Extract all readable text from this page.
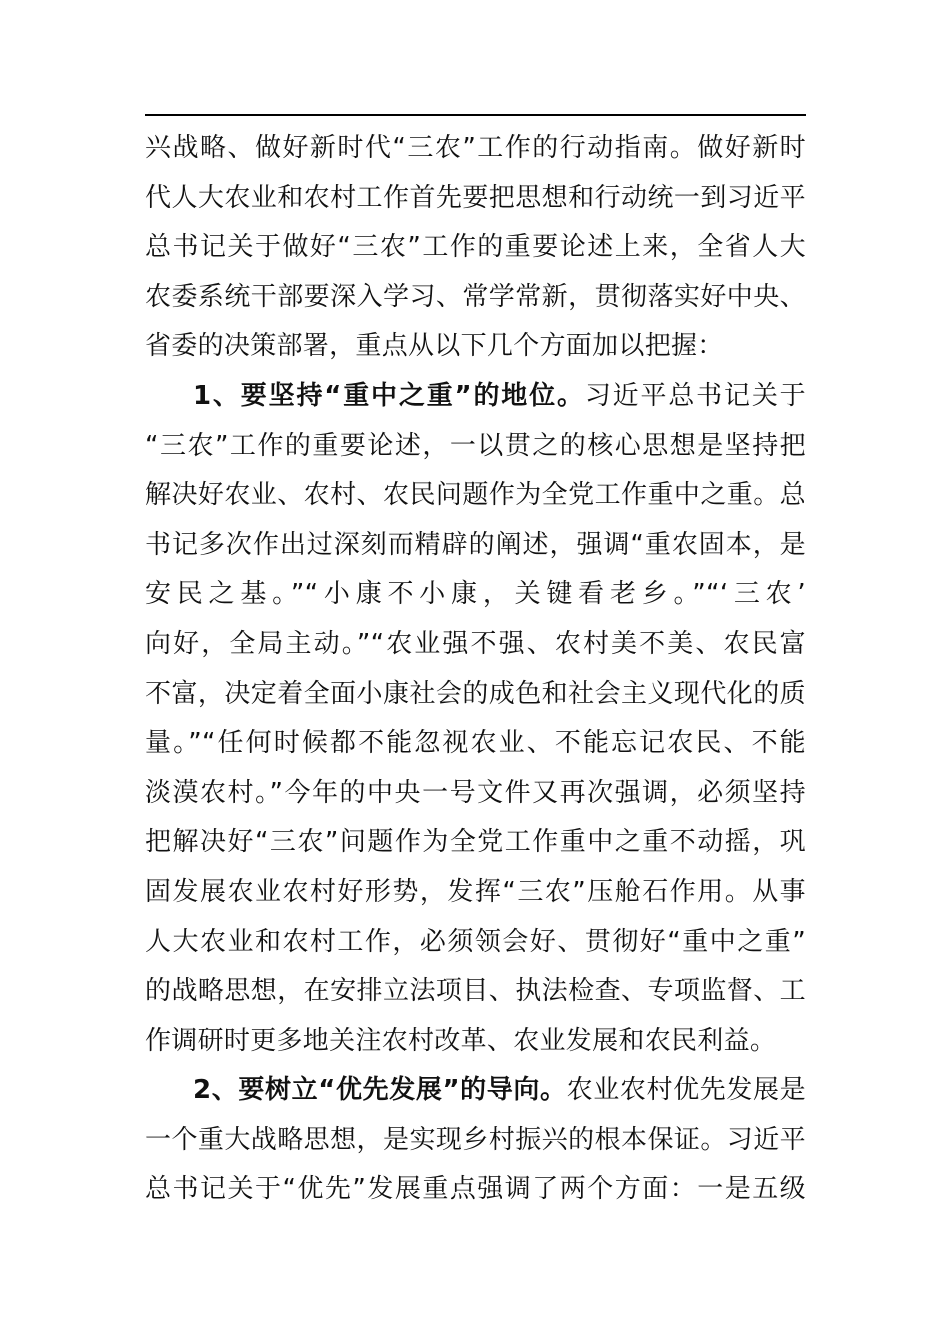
兴战略、做好新时代“三农”工作的行动指南。做好新时
代人大农业和农村工作首先要把思想和行动统一到习近平
总书记关于做好“三农”工作的重要论述上来，全省人大
农委系统干部要深入学习、常学常新，贯彻落实好中央、
省委的决策部署，重点从以下几个方面加以把握：
1、要坚持“重中之重”的地位。习近平总书记关于
“三农”工作的重要论述，一以贯之的核心思想是坚持把
解决好农业、农村、农民问题作为全党工作重中之重。总
书记多次作出过深刻而精辟的阐述，强调“重农固本，是
安民之基。”“小康不小康，关键看老乡。”“‘三农’
向好，全局主动。”“农业强不强、农村美不美、农民富
不富，决定着全面小康社会的成色和社会主义现代化的质
量。”“任何时候都不能忽视农业、不能忘记农民、不能
淡漠农村。”今年的中央一号文件又再次强调，必须坚持
把解决好“三农”问题作为全党工作重中之重不动摇，巩
固发展农业农村好形势，发挥“三农”压舱石作用。从事
人大农业和农村工作，必须领会好、贯彻好“重中之重”
的战略思想，在安排立法项目、执法检查、专项监督、工
作调研时更多地关注农村改革、农业发展和农民利益。
2、要树立“优先发展”的导向。农业农村优先发展是
一个重大战略思想，是实现乡村振兴的根本保证。习近平
总书记关于“优先”发展重点强调了两个方面：一是五级
